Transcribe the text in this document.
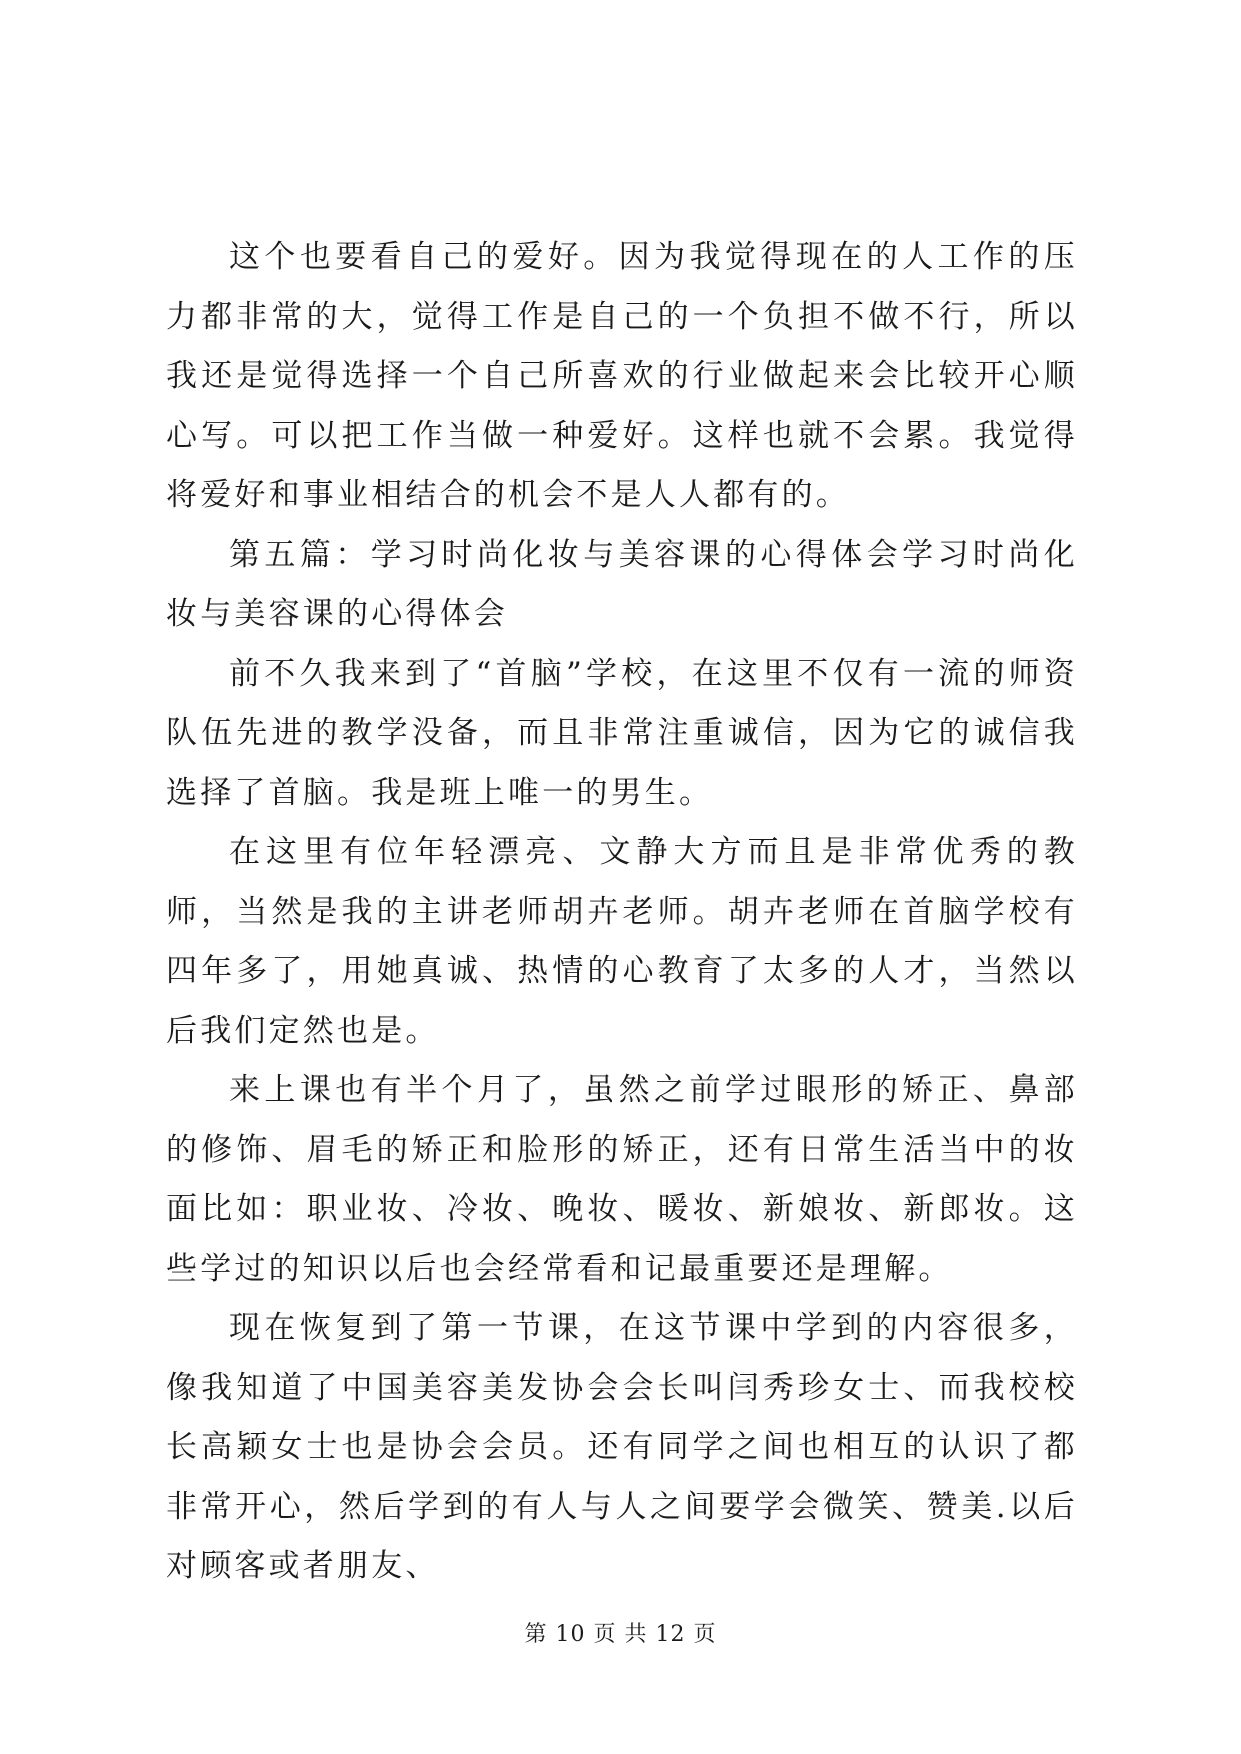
这个也要看自己的爱好。因为我觉得现在的人工作的压力都非常的大，觉得工作是自己的一个负担不做不行，所以我还是觉得选择一个自己所喜欢的行业做起来会比较开心顺心写。可以把工作当做一种爱好。这样也就不会累。我觉得将爱好和事业相结合的机会不是人人都有的。

第五篇：学习时尚化妆与美容课的心得体会学习时尚化妆与美容课的心得体会

前不久我来到了“首脑”学校，在这里不仅有一流的师资队伍先进的教学没备，而且非常注重诚信，因为它的诚信我选择了首脑。我是班上唯一的男生。

在这里有位年轻漂亮、文静大方而且是非常优秀的教师，当然是我的主讲老师胡卉老师。胡卉老师在首脑学校有四年多了，用她真诚、热情的心教育了太多的人才，当然以后我们定然也是。

来上课也有半个月了，虽然之前学过眼形的矫正、鼻部的修饰、眉毛的矫正和脸形的矫正，还有日常生活当中的妆面比如：职业妆、冷妆、晚妆、暖妆、新娘妆、新郎妆。这些学过的知识以后也会经常看和记最重要还是理解。

现在恢复到了第一节课，在这节课中学到的内容很多，像我知道了中国美容美发协会会长叫闫秀珍女士、而我校校长高颖女士也是协会会员。还有同学之间也相互的认识了都非常开心，然后学到的有人与人之间要学会微笑、赞美.以后对顾客或者朋友、

第 10 页 共 12 页
